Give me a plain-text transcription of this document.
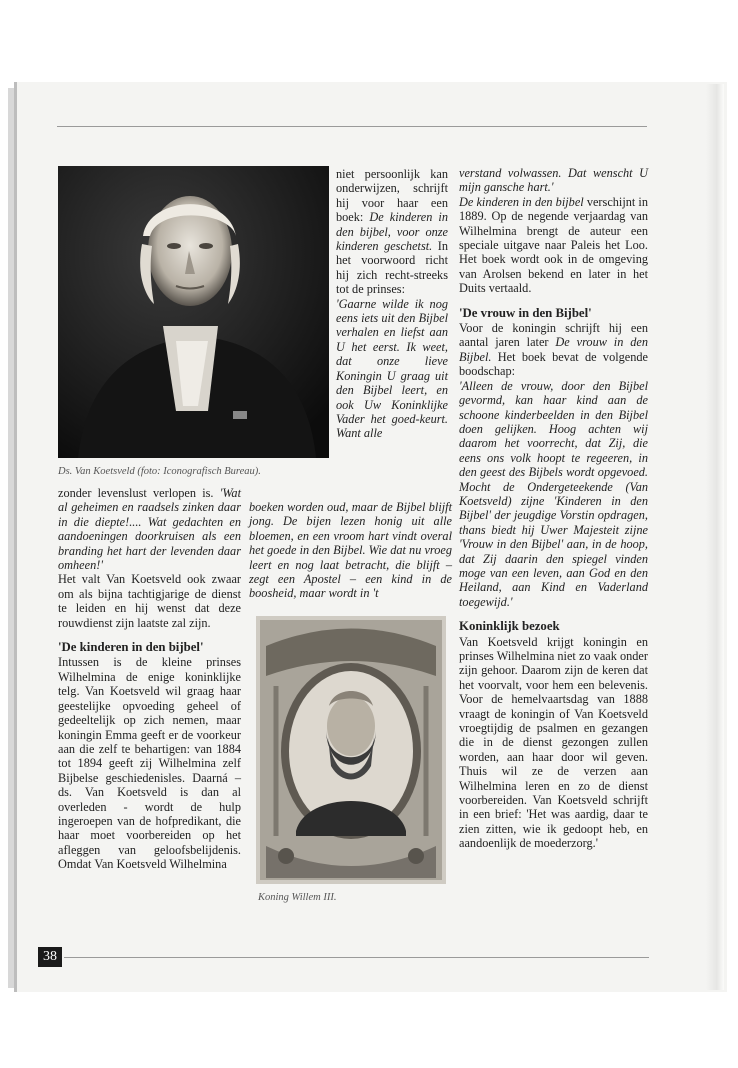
Ds. Van Koetsveld (foto: Iconografisch Bureau).

niet persoonlijk kan onderwijzen, schrijft hij voor haar een boek: De kinderen in den bijbel, voor onze kinderen geschetst. In het voorwoord richt hij zich recht-streeks tot de prinses:

'Gaarne wilde ik nog eens iets uit den Bijbel verhalen en liefst aan U het eerst. Ik weet, dat onze lieve Koningin U graag uit den Bijbel leert, en ook Uw Koninklijke Vader het goed-keurt. Want alle

zonder levenslust verlopen is. 'Wat al geheimen en raadsels zinken daar in die diepte!.... Wat gedachten en aandoeningen doorkruisen als een branding het hart der levenden daar omheen!'

Het valt Van Koetsveld ook zwaar om als bijna tachtigjarige de dienst te leiden en hij wenst dat deze rouwdienst zijn laatste zal zijn.

'De kinderen in den bijbel'

Intussen is de kleine prinses Wilhelmina de enige koninklijke telg. Van Koetsveld wil graag haar geestelijke opvoeding geheel of gedeeltelijk op zich nemen, maar koningin Emma geeft er de voorkeur aan die zelf te behartigen: van 1884 tot 1894 geeft zij Wilhelmina zelf Bijbelse geschiedenisles. Daarná – ds. Van Koetsveld is dan al overleden - wordt de hulp ingeroepen van de hofpredikant, die haar moet voorbereiden op het afleggen van geloofsbelijdenis. Omdat Van Koetsveld Wilhelmina

boeken worden oud, maar de Bijbel blijft jong. De bijen lezen honig uit alle bloemen, en een vroom hart vindt overal het goede in den Bijbel. Wie dat nu vroeg leert en nog laat betracht, die blijft – zegt een Apostel – een kind in de boosheid, maar wordt in 't

Koning Willem III.

verstand volwassen. Dat wenscht U mijn gansche hart.'

De kinderen in den bijbel verschijnt in 1889. Op de negende verjaardag van Wilhelmina brengt de auteur een speciale uitgave naar Paleis het Loo. Het boek wordt ook in de omgeving van Arolsen bekend en later in het Duits vertaald.

'De vrouw in den Bijbel'

Voor de koningin schrijft hij een aantal jaren later De vrouw in den Bijbel. Het boek bevat de volgende boodschap:

'Alleen de vrouw, door den Bijbel gevormd, kan haar kind aan de schoone kinderbeelden in den Bijbel doen gelijken. Hoog achten wij daarom het voorrecht, dat Zij, die eens ons volk hoopt te regeeren, in den geest des Bijbels wordt opgevoed. Mocht de Ondergeteekende (Van Koetsveld) zijne 'Kinderen in den Bijbel' der jeugdige Vorstin opdragen, thans biedt hij Uwer Majesteit zijne 'Vrouw in den Bijbel' aan, in de hoop, dat Zij daarin den spiegel vinden moge van een leven, aan God en den Heiland, aan Kind en Vaderland toegewijd.'

Koninklijk bezoek

Van Koetsveld krijgt koningin en prinses Wilhelmina niet zo vaak onder zijn gehoor. Daarom zijn de keren dat het voorvalt, voor hem een belevenis. Voor de hemelvaartsdag van 1888 vraagt de koningin of Van Koetsveld vroegtijdig de psalmen en gezangen die in de dienst gezongen zullen worden, aan haar door wil geven. Thuis wil ze de verzen aan Wilhelmina leren en zo de dienst voorbereiden. Van Koetsveld schrijft in een brief: 'Het was aardig, daar te zien zitten, wie ik gedoopt heb, en aandoenlijk de moederzorg.'

38
